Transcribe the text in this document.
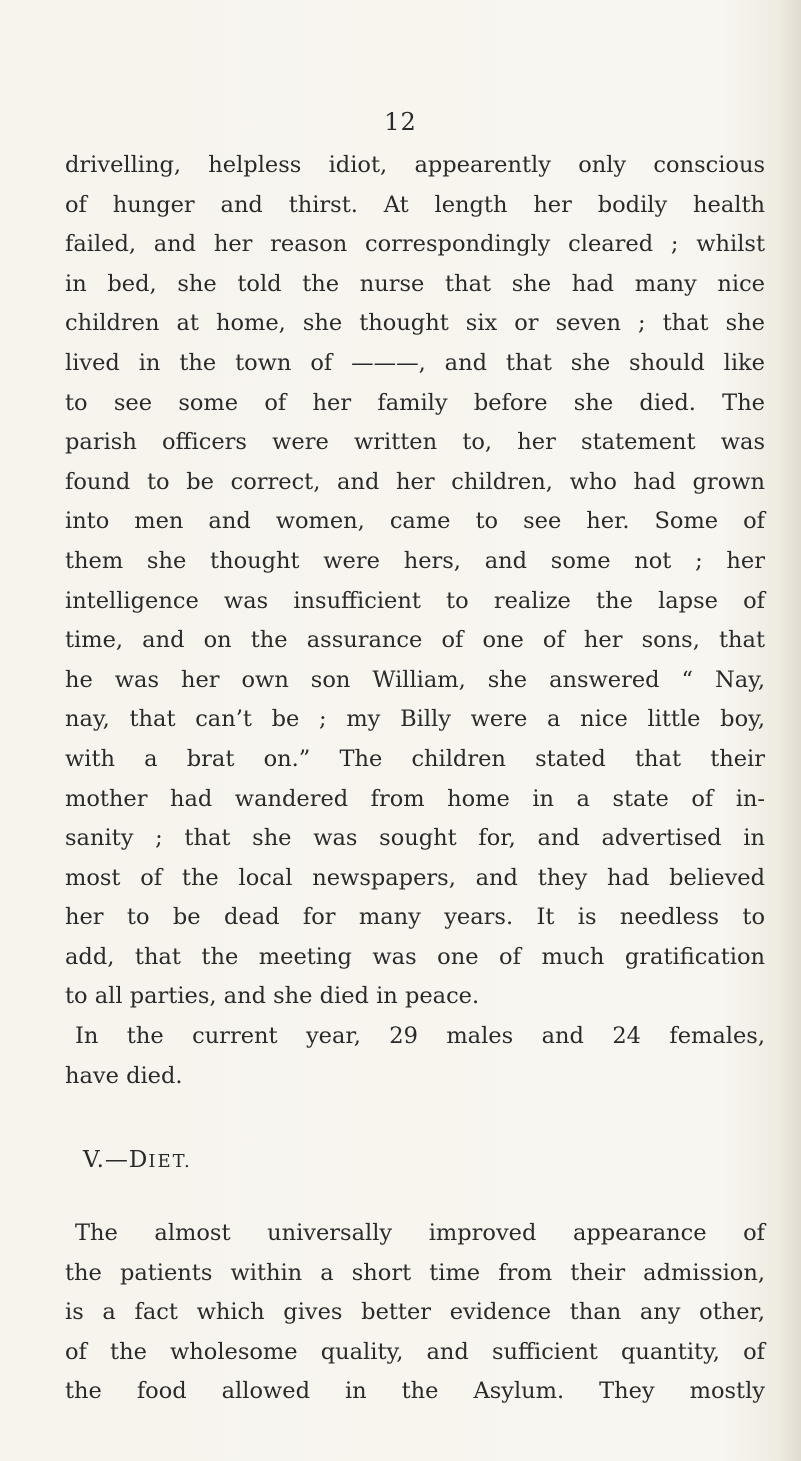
12
drivelling, helpless idiot, appearently only conscious
of hunger and thirst. At length her bodily health
failed, and her reason correspondingly cleared ; whilst
in bed, she told the nurse that she had many nice
children at home, she thought six or seven ; that she
lived in the town of ———, and that she should like
to see some of her family before she died. The
parish officers were written to, her statement was
found to be correct, and her children, who had grown
into men and women, came to see her. Some of
them she thought were hers, and some not ; her
intelligence was insufficient to realize the lapse of
time, and on the assurance of one of her sons, that
he was her own son William, she answered “ Nay,
nay, that can’t be ; my Billy were a nice little boy,
with a brat on.” The children stated that their
mother had wandered from home in a state of in-
sanity ; that she was sought for, and advertised in
most of the local newspapers, and they had believed
her to be dead for many years. It is needless to
add, that the meeting was one of much gratification
to all parties, and she died in peace.
In the current year, 29 males and 24 females,
have died.
V.—DIET.
The almost universally improved appearance of
the patients within a short time from their admission,
is a fact which gives better evidence than any other,
of the wholesome quality, and sufficient quantity, of
the food allowed in the Asylum. They mostly
